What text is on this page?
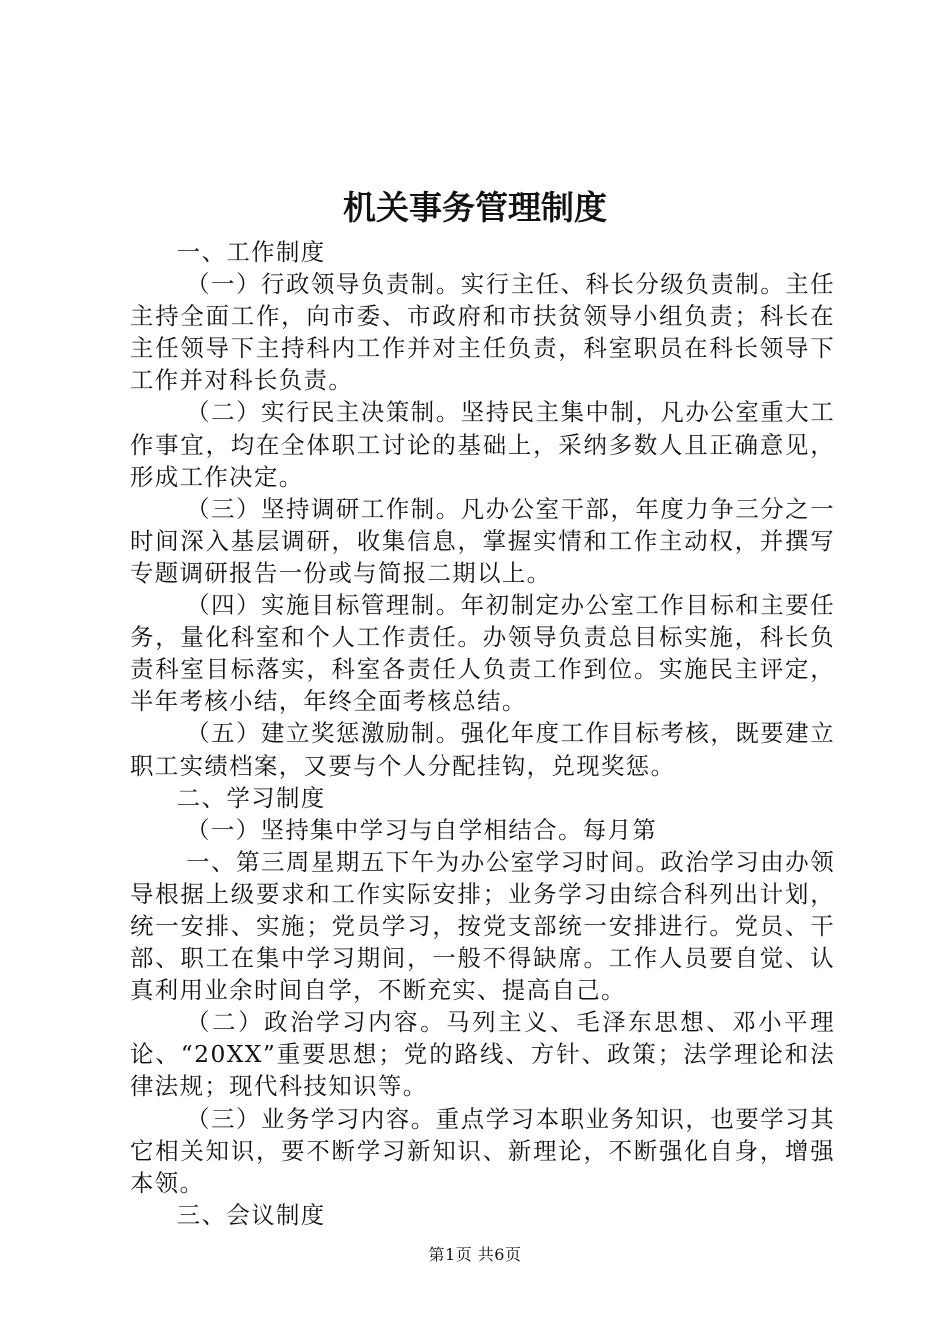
机关事务管理制度

一、工作制度

（一）行政领导负责制。实行主任、科长分级负责制。主任主持全面工作，向市委、市政府和市扶贫领导小组负责；科长在主任领导下主持科内工作并对主任负责，科室职员在科长领导下工作并对科长负责。

（二）实行民主决策制。坚持民主集中制，凡办公室重大工作事宜，均在全体职工讨论的基础上，采纳多数人且正确意见，形成工作决定。

（三）坚持调研工作制。凡办公室干部，年度力争三分之一时间深入基层调研，收集信息，掌握实情和工作主动权，并撰写专题调研报告一份或与简报二期以上。

（四）实施目标管理制。年初制定办公室工作目标和主要任务，量化科室和个人工作责任。办领导负责总目标实施，科长负责科室目标落实，科室各责任人负责工作到位。实施民主评定，半年考核小结，年终全面考核总结。

（五）建立奖惩激励制。强化年度工作目标考核，既要建立职工实绩档案，又要与个人分配挂钩，兑现奖惩。

二、学习制度

（一）坚持集中学习与自学相结合。每月第

一、第三周星期五下午为办公室学习时间。政治学习由办领导根据上级要求和工作实际安排；业务学习由综合科列出计划，统一安排、实施；党员学习，按党支部统一安排进行。党员、干部、职工在集中学习期间，一般不得缺席。工作人员要自觉、认真利用业余时间自学，不断充实、提高自己。

（二）政治学习内容。马列主义、毛泽东思想、邓小平理论、“20XX”重要思想；党的路线、方针、政策；法学理论和法律法规；现代科技知识等。

（三）业务学习内容。重点学习本职业务知识，也要学习其它相关知识，要不断学习新知识、新理论，不断强化自身，增强本领。

三、会议制度

第1页 共6页
